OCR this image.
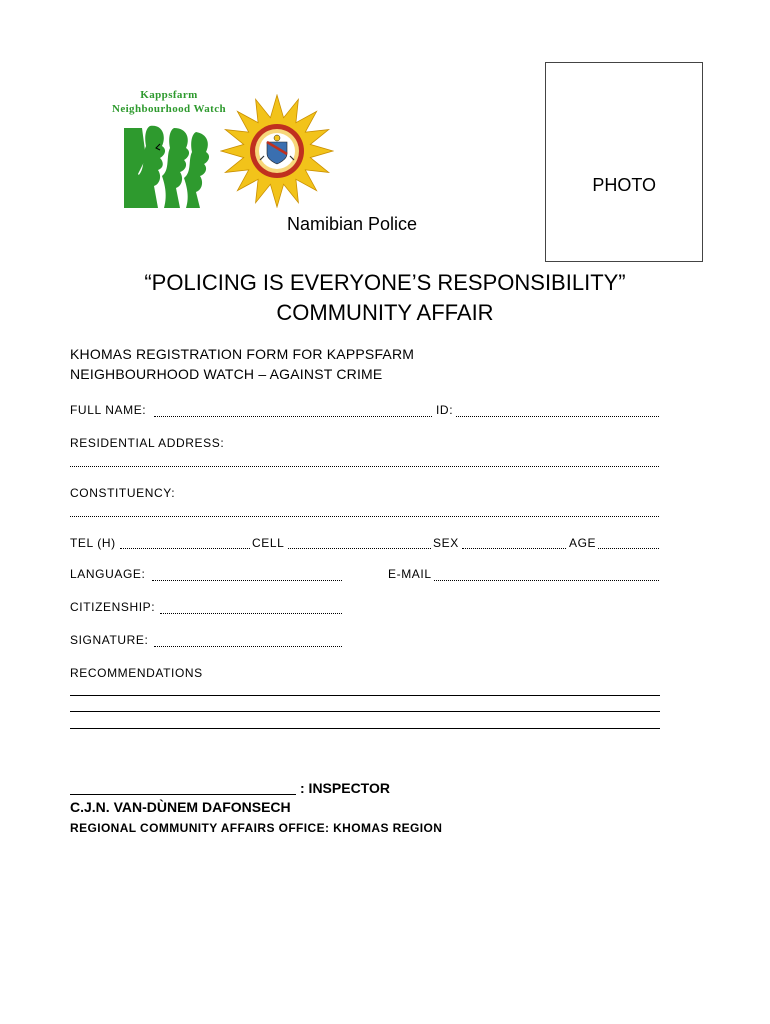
Kappsfarm
Neighbourhood Watch
Namibian Police
PHOTO
“POLICING IS EVERYONE’S RESPONSIBILITY”
COMMUNITY AFFAIR
KHOMAS REGISTRATION FORM FOR KAPPSFARM
NEIGHBOURHOOD WATCH – AGAINST CRIME
FULL NAME:	ID:
RESIDENTIAL ADDRESS:
CONSTITUENCY:
TEL (H)	CELL	SEX	AGE
LANGUAGE:	E-MAIL
CITIZENSHIP:
SIGNATURE:
RECOMMENDATIONS
: INSPECTOR
C.J.N. VAN-DÙNEM DAFONSECH
REGIONAL COMMUNITY AFFAIRS OFFICE: KHOMAS REGION
